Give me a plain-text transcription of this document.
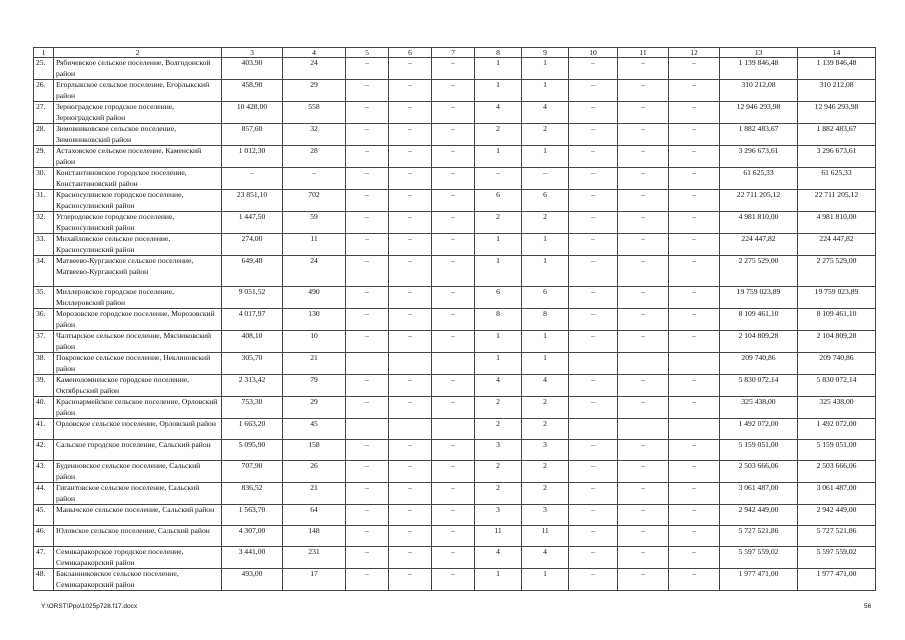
1	2	3	4	5	6	7	8	9	10	11	12	13	14
25.	Рябичевское сельское поселение, Волгодонской район	403,90	24	–	–	–	1	1	–	–	–	1 139 846,48	1 139 846,48
26.	Егорлыкское сельское поселение, Егорлыкский район	458,90	29	–	–	–	1	1	–	–	–	310 212,08	310 212,08
27.	Зерноградское городское поселение, Зерноградский район	10 428,00	558	–	–	–	4	4	–	–	–	12 946 293,98	12 946 293,98
28.	Зимовниковское сельское поселение, Зимовниковский район	857,60	32	–	–	–	2	2	–	–	–	1 882 483,67	1 882 483,67
29.	Астаховское сельское поселение, Каменский район	1 012,30	28	–	–	–	1	1	–	–	–	3 296 673,61	3 296 673,61
30.	Константиновское городское поселение, Константиновский район	–	–	–	–	–	–	–	–	–	–	61 625,33	61 625,33
31.	Красносулинское городское поселение, Красносулинский район	23 851,10	702	–	–	–	6	6	–	–	–	22 711 205,12	22 711 205,12
32.	Углеродовское городское поселение, Красносулинский район	1 447,50	59	–	–	–	2	2	–	–	–	4 981 810,00	4 981 810,00
33.	Михайловское сельское поселение, Красносулинский район	274,00	11	–	–	–	1	1	–	–	–	224 447,82	224 447,82
34.	Матвеево-Курганское сельское поселение, Матвеево-Курганский район	649,40	24	–	–	–	1	1	–	–	–	2 275 529,00	2 275 529,00
35.	Миллеровское городское поселение, Миллеровский район	9 051,52	490	–	–	–	6	6	–	–	–	19 759 023,89	19 759 023,89
36.	Морозовское городское поселение, Морозовский район	4 017,97	130	–	–	–	8	8	–	–	–	8 109 461,10	8 109 461,10
37.	Чалтырское сельское поселение, Мясниковский район	408,10	10	–	–	–	1	1	–	–	–	2 104 809,28	2 104 809,28
38.	Покровское сельское поселение, Неклиновский район	305,70	21				1	1				209 740,86	209 740,86
39.	Каменоломненское городское поселение, Октябрьский район	2 313,42	79	–	–	–	4	4	–	–	–	5 830 072,14	5 830 072,14
40.	Красноармейское сельское поселение, Орловский район	753,30	29	–	–	–	2	2	–	–	–	325 438,00	325 438,00
41.	Орловское сельское поселение, Орловский район	1 663,20	45				2	2				1 492 072,00	1 492 072,00
42.	Сальское городское поселение, Сальский район	5 095,90	158	–	–	–	3	3	–	–	–	5 159 051,00	5 159 051,00
43.	Буденновское сельское поселение, Сальский район	707,90	26	–	–	–	2	2	–	–	–	2 503 666,06	2 503 666,06
44.	Гигантовское сельское поселение, Сальский район	836,52	21	–	–	–	2	2	–	–	–	3 061 487,00	3 061 487,00
45.	Манычское сельское поселение, Сальский район	1 563,70	64	–	–	–	3	3	–	–	–	2 942 449,00	2 942 449,00
46.	Юловское сельское поселение, Сальский район	4 307,00	148	–	–	–	11	11	–	–	–	5 727 521,86	5 727 521,86
47.	Семикаракорское городское поселение, Семикаракорский район	3 441,00	231	–	–	–	4	4	–	–	–	5 597 559,02	5 597 559,02
48.	Бакланниковское сельское поселение, Семикаракорский район	493,00	17	–	–	–	1	1	–	–	–	1 977 471,00	1 977 471,00
Y:\ORST\Ppo\1025p728.f17.docx	56
